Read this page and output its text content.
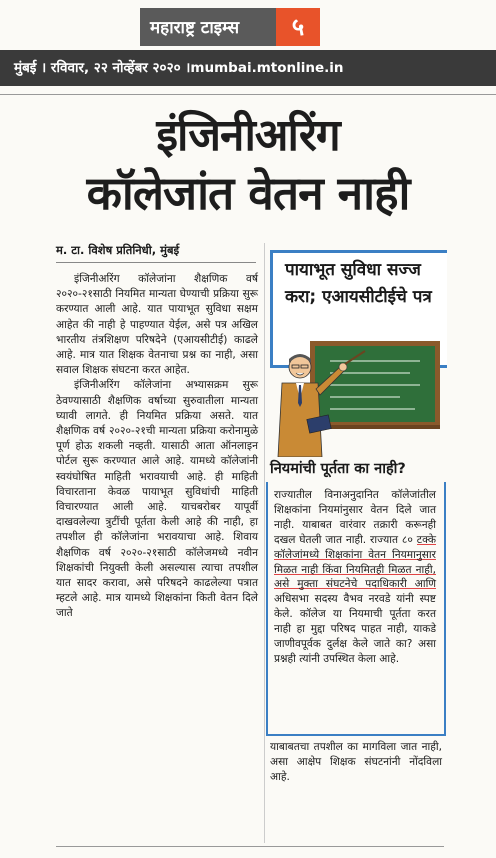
महाराष्ट्र टाइम्स	५
मुंबई । रविवार, २२ नोव्हेंबर २०२० ।mumbai.mtonline.in
इंजिनीअरिंग
कॉलेजांत वेतन नाही
म. टा. विशेष प्रतिनिधी, मुंबई

इंजिनीअरिंग कॉलेजांना शैक्षणिक वर्ष २०२०-२१साठी नियमित मान्यता घेण्याची प्रक्रिया सुरू करण्यात आली आहे. यात पायाभूत सुविधा सक्षम आहेत की नाही हे पाहण्यात येईल, असे पत्र अखिल भारतीय तंत्रशिक्षण परिषदेने (एआयसीटीई) काढले आहे. मात्र यात शिक्षक वेतनाचा प्रश्न का नाही, असा सवाल शिक्षक संघटना करत आहेत.

इंजिनीअरिंग कॉलेजांना अभ्यासक्रम सुरू ठेवण्यासाठी शैक्षणिक वर्षाच्या सुरुवातीला मान्यता घ्यावी लागते. ही नियमित प्रक्रिया असते. यात शैक्षणिक वर्ष २०२०-२१ची मान्यता प्रक्रिया करोनामुळे पूर्ण होऊ शकली नव्हती. यासाठी आता ऑनलाइन पोर्टल सुरू करण्यात आले आहे. यामध्ये कॉलेजांनी स्वयंघोषित माहिती भरावयाची आहे. ही माहिती विचारताना केवळ पायाभूत सुविधांची माहिती विचारण्यात आली आहे. याचबरोबर यापूर्वी दाखवलेल्या त्रुटींची पूर्तता केली आहे की नाही, हा तपशील ही कॉलेजांना भरावयाचा आहे. शिवाय शैक्षणिक वर्ष २०२०-२१साठी कॉलेजमध्ये नवीन शिक्षकांची नियुक्ती केली असल्यास त्याचा तपशील यात सादर करावा, असे परिषदने काढलेल्या पत्रात म्हटले आहे. मात्र यामध्ये शिक्षकांना किती वेतन दिले जाते

पायाभूत सुविधा सज्ज करा; एआयसीटीईचे पत्र
नियमांची पूर्तता का नाही?

राज्यातील विनाअनुदानित कॉलेजांतील शिक्षकांना नियमांनुसार वेतन दिले जात नाही. याबाबत वारंवार तक्रारी करूनही दखल घेतली जात नाही. राज्यात ८० टक्के कॉलेजांमध्ये शिक्षकांना वेतन नियमानुसार मिळत नाही किंवा नियमितही मिळत नाही, असे मुक्ता संघटनेचे पदाधिकारी आणि अधिसभा सदस्य वैभव नरवडे यांनी स्पष्ट केले. कॉलेज या नियमाची पूर्तता करत नाही हा मुद्दा परिषद पाहत नाही, याकडे जाणीवपूर्वक दुर्लक्ष केले जाते का? असा प्रश्नही त्यांनी उपस्थित केला आहे.

याबाबतचा तपशील का मागविला जात नाही, असा आक्षेप शिक्षक संघटनांनी नोंदविला आहे.
